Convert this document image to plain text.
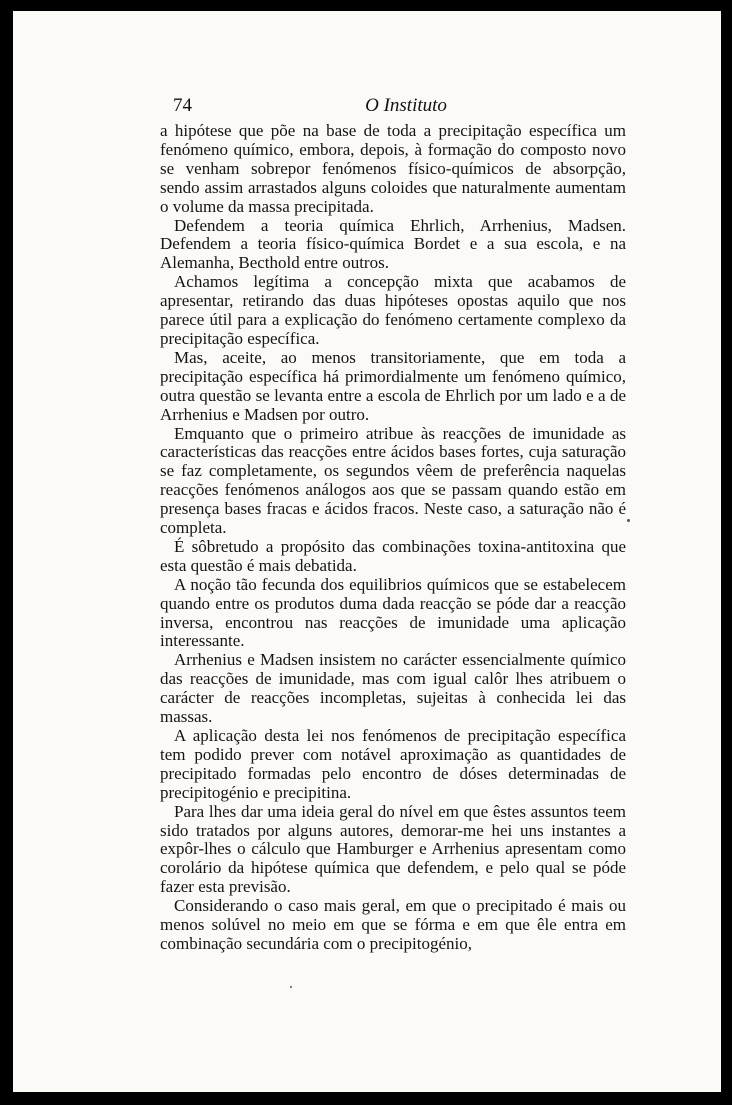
74	O Instituto

a hipótese que põe na base de toda a precipitação específica um fenómeno químico, embora, depois, à formação do composto novo se venham sobrepor fenómenos físico-químicos de absorpção, sendo assim arrastados alguns coloides que naturalmente aumentam o volume da massa precipitada.

Defendem a teoria química Ehrlich, Arrhenius, Madsen. Defendem a teoria físico-química Bordet e a sua escola, e na Alemanha, Becthold entre outros.

Achamos legítima a concepção mixta que acabamos de apresentar, retirando das duas hipóteses opostas aquilo que nos parece útil para a explicação do fenómeno certamente complexo da precipitação específica.

Mas, aceite, ao menos transitoriamente, que em toda a precipitação específica há primordialmente um fenómeno químico, outra questão se levanta entre a escola de Ehrlich por um lado e a de Arrhenius e Madsen por outro.

Emquanto que o primeiro atribue às reacções de imunidade as características das reacções entre ácidos bases fortes, cuja saturação se faz completamente, os segundos vêem de preferência naquelas reacções fenómenos análogos aos que se passam quando estão em presença bases fracas e ácidos fracos. Neste caso, a saturação não é completa.

É sôbretudo a propósito das combinações toxina-antitoxina que esta questão é mais debatida.

A noção tão fecunda dos equilibrios químicos que se estabelecem quando entre os produtos duma dada reacção se póde dar a reacção inversa, encontrou nas reacções de imunidade uma aplicação interessante.

Arrhenius e Madsen insistem no carácter essencialmente químico das reacções de imunidade, mas com igual calôr lhes atribuem o carácter de reacções incompletas, sujeitas à conhecida lei das massas.

A aplicação desta lei nos fenómenos de precipitação específica tem podido prever com notável aproximação as quantidades de precipitado formadas pelo encontro de dóses determinadas de precipitogénio e precipitina.

Para lhes dar uma ideia geral do nível em que êstes assuntos teem sido tratados por alguns autores, demorar-me hei uns instantes a expôr-lhes o cálculo que Hamburger e Arrhenius apresentam como corolário da hipótese química que defendem, e pelo qual se póde fazer esta previsão.

Considerando o caso mais geral, em que o precipitado é mais ou menos solúvel no meio em que se fórma e em que êle entra em combinação secundária com o precipitogénio,
